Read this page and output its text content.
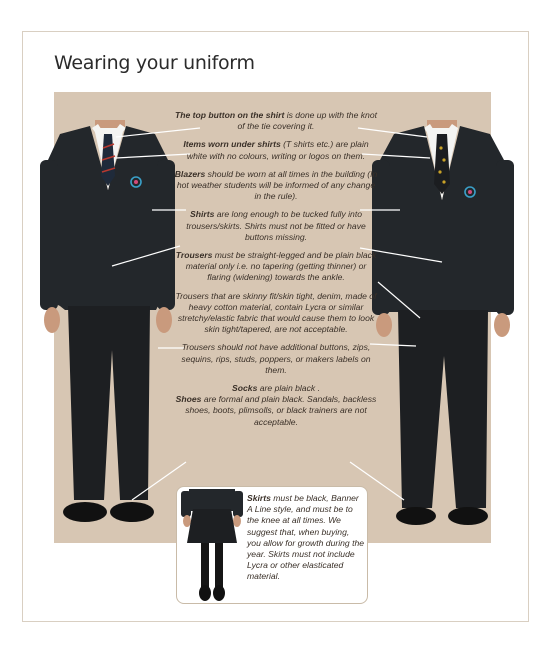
Wearing your uniform

The top button on the shirt is done up with the knot of the tie covering it.

Items worn under shirts (T shirts etc.) are plain white with no colours, writing or logos on them.

Blazers should be worn at all times in the building (In hot weather students will be informed of any change in the rule).

Shirts are long enough to be tucked fully into trousers/skirts. Shirts must not be fitted or have buttons missing.

Trousers must be straight-legged and be plain black material only i.e. no tapering (getting thinner) or flaring (widening) towards the ankle.

Trousers that are skinny fit/skin tight, denim, made of heavy cotton material, contain Lycra or similar stretchy/elastic fabric that would cause them to look skin tight/tapered, are not acceptable.

Trousers should not have additional buttons, zips, sequins, rips, studs, poppers, or makers labels on them.

Socks are plain black .
Shoes are formal and plain black. Sandals, backless shoes, boots, plimsolls, or black trainers are not acceptable.

Skirts must be black, Banner A Line style, and must be to the knee at all times. We suggest that, when buying, you allow for growth during the year. Skirts must not include Lycra or other elasticated material.
